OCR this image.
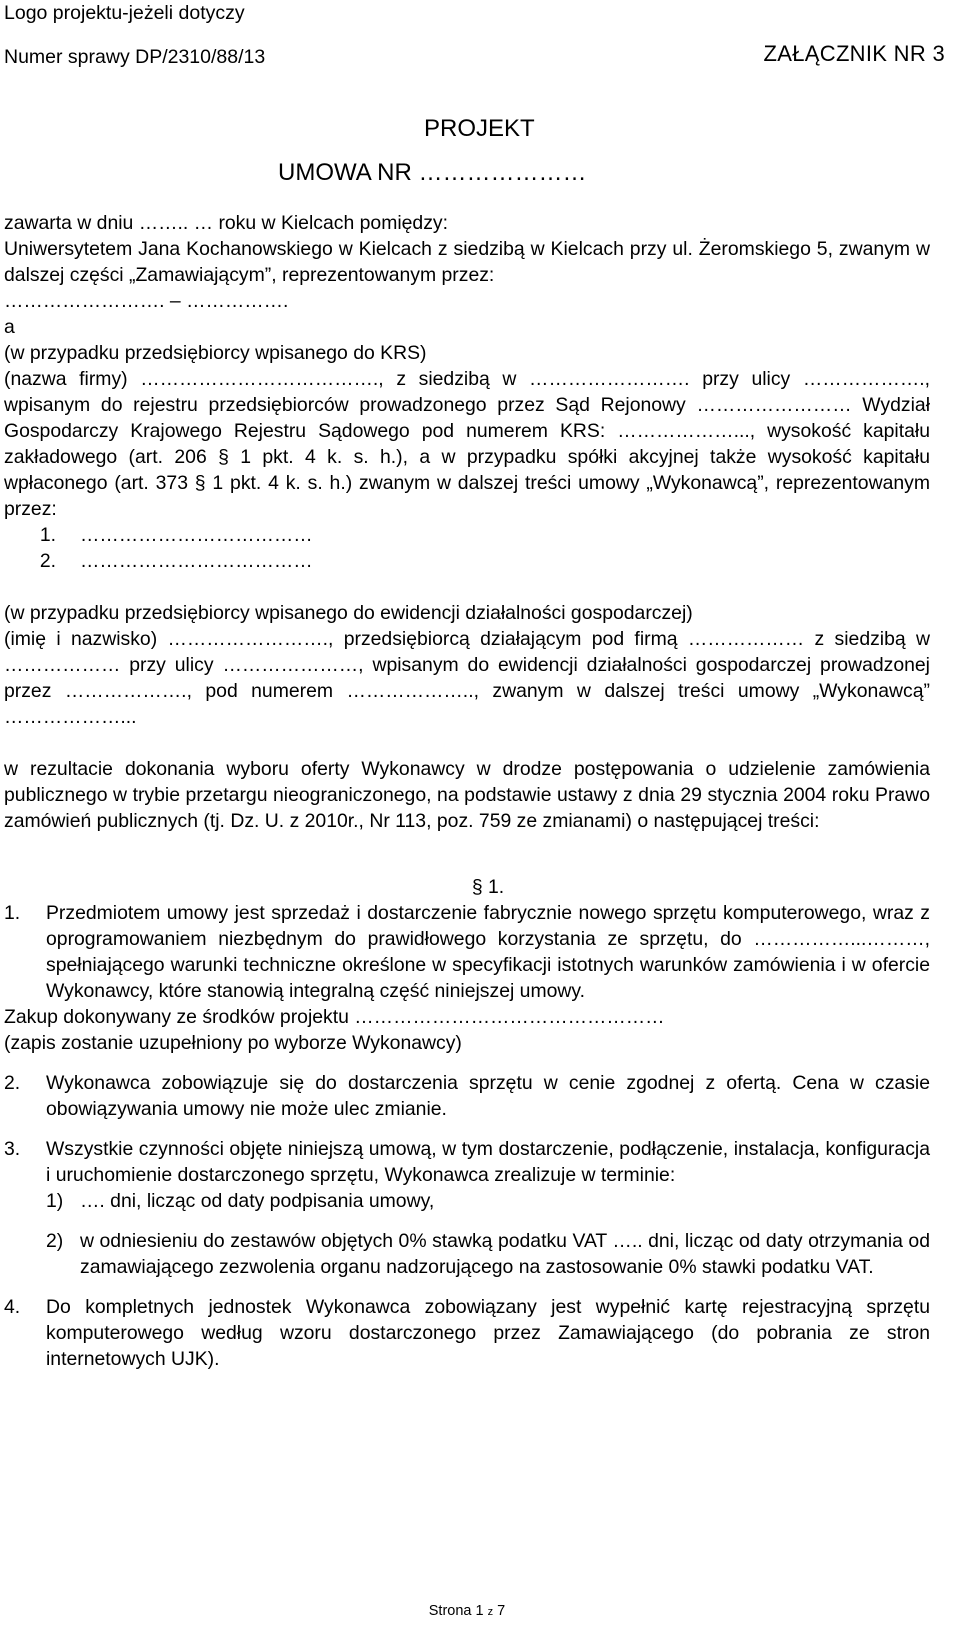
Logo projektu-jeżeli dotyczy
Numer sprawy DP/2310/88/13	ZAŁĄCZNIK NR 3
PROJEKT
UMOWA NR …………………

zawarta w dniu …….. … roku w Kielcach pomiędzy:

Uniwersytetem Jana Kochanowskiego w Kielcach z siedzibą w Kielcach przy ul. Żeromskiego 5, zwanym w dalszej części „Zamawiającym”, reprezentowanym przez:

……………………. – …………….

a

(w przypadku przedsiębiorcy wpisanego do KRS)

(nazwa firmy) ………………………………., z siedzibą w ……………………. przy ulicy ………………., wpisanym do rejestru przedsiębiorców prowadzonego przez Sąd Rejonowy …………………… Wydział Gospodarczy Krajowego Rejestru Sądowego pod numerem KRS: ………………..., wysokość kapitału zakładowego (art. 206 § 1 pkt. 4 k. s. h.), a w przypadku spółki akcyjnej także wysokość kapitału wpłaconego (art. 373 § 1 pkt. 4 k. s. h.) zwanym w dalszej treści umowy „Wykonawcą”, reprezentowanym przez:

1.	………………………………
2.	………………………………

(w przypadku przedsiębiorcy wpisanego do ewidencji działalności gospodarczej)

(imię i nazwisko) ……………………., przedsiębiorcą działającym pod firmą ……………… z siedzibą w ……………… przy ulicy …………………, wpisanym do ewidencji działalności gospodarczej prowadzonej przez ………………., pod numerem ……………….., zwanym w dalszej treści umowy „Wykonawcą” ………………...

w rezultacie dokonania wyboru oferty Wykonawcy w drodze postępowania o udzielenie zamówienia publicznego w trybie przetargu nieograniczonego, na podstawie ustawy z dnia 29 stycznia 2004 roku Prawo zamówień publicznych (tj. Dz. U. z 2010r., Nr 113, poz. 759 ze zmianami) o następującej treści:

§ 1.

1.	Przedmiotem umowy jest sprzedaż i dostarczenie fabrycznie nowego sprzętu komputerowego, wraz z oprogramowaniem niezbędnym do prawidłowego korzystania ze sprzętu, do ……………...………, spełniającego warunki techniczne określone w specyfikacji istotnych warunków zamówienia i w ofercie Wykonawcy, które stanowią integralną część niniejszej umowy.

Zakup dokonywany ze środków projektu …………………………………………

(zapis zostanie uzupełniony po wyborze Wykonawcy)

2.	Wykonawca zobowiązuje się do dostarczenia sprzętu w cenie zgodnej z ofertą. Cena w czasie obowiązywania umowy nie może ulec zmianie.
3.	Wszystkie czynności objęte niniejszą umową, w tym dostarczenie, podłączenie, instalacja, konfiguracja i uruchomienie dostarczonego sprzętu, Wykonawca zrealizuje w terminie:
1) …. dni, licząc od daty podpisania umowy,
2) w odniesieniu do zestawów objętych 0% stawką podatku VAT ….. dni, licząc od daty otrzymania od zamawiającego zezwolenia organu nadzorującego na zastosowanie 0% stawki podatku VAT.
4.	Do kompletnych jednostek Wykonawca zobowiązany jest wypełnić kartę rejestracyjną sprzętu komputerowego według wzoru dostarczonego przez Zamawiającego (do pobrania ze stron internetowych UJK).
Strona 1 z 7
